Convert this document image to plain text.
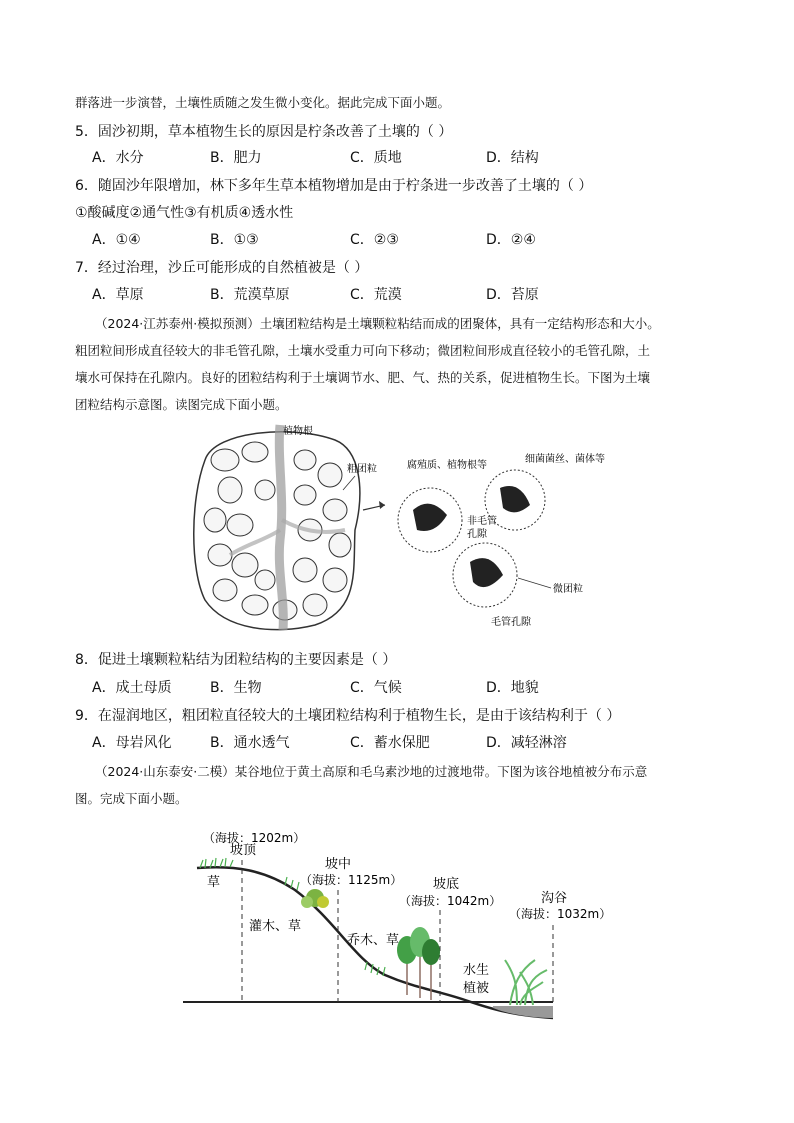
群落进一步演替，土壤性质随之发生微小变化。据此完成下面小题。
5．固沙初期，草本植物生长的原因是柠条改善了土壤的（ ）
A．水分	B．肥力	C．质地	D．结构
6．随固沙年限增加，林下多年生草本植物增加是由于柠条进一步改善了土壤的（ ）
①酸碱度②通气性③有机质④透水性
A．①④	B．①③	C．②③	D．②④
7．经过治理，沙丘可能形成的自然植被是（ ）
A．草原	B．荒漠草原	C．荒漠	D．苔原
（2024·江苏泰州·模拟预测）土壤团粒结构是土壤颗粒粘结而成的团聚体，具有一定结构形态和大小。
粗团粒间形成直径较大的非毛管孔隙，土壤水受重力可向下移动；微团粒间形成直径较小的毛管孔隙，土
壤水可保持在孔隙内。良好的团粒结构利于土壤调节水、肥、气、热的关系，促进植物生长。下图为土壤
团粒结构示意图。读图完成下面小题。
植物根
粗团粒	腐殖质、植物根等
细菌菌丝、菌体等
非毛管
孔隙
微团粒
毛管孔隙
8．促进土壤颗粒粘结为团粒结构的主要因素是（ ）
A．成土母质	B．生物	C．气候	D．地貌
9．在湿润地区，粗团粒直径较大的土壤团粒结构利于植物生长，是由于该结构利于（ ）
A．母岩风化	B．通水透气	C．蓄水保肥	D．减轻淋溶
（2024·山东泰安·二模）某谷地位于黄土高原和毛乌素沙地的过渡地带。下图为该谷地植被分布示意
图。完成下面小题。
坡顶
（海拔：1202m）
草
坡中
（海拔：1125m）
灌木、草
坡底
（海拔：1042m）
乔木、草
沟谷
（海拔：1032m）
水生
植被
